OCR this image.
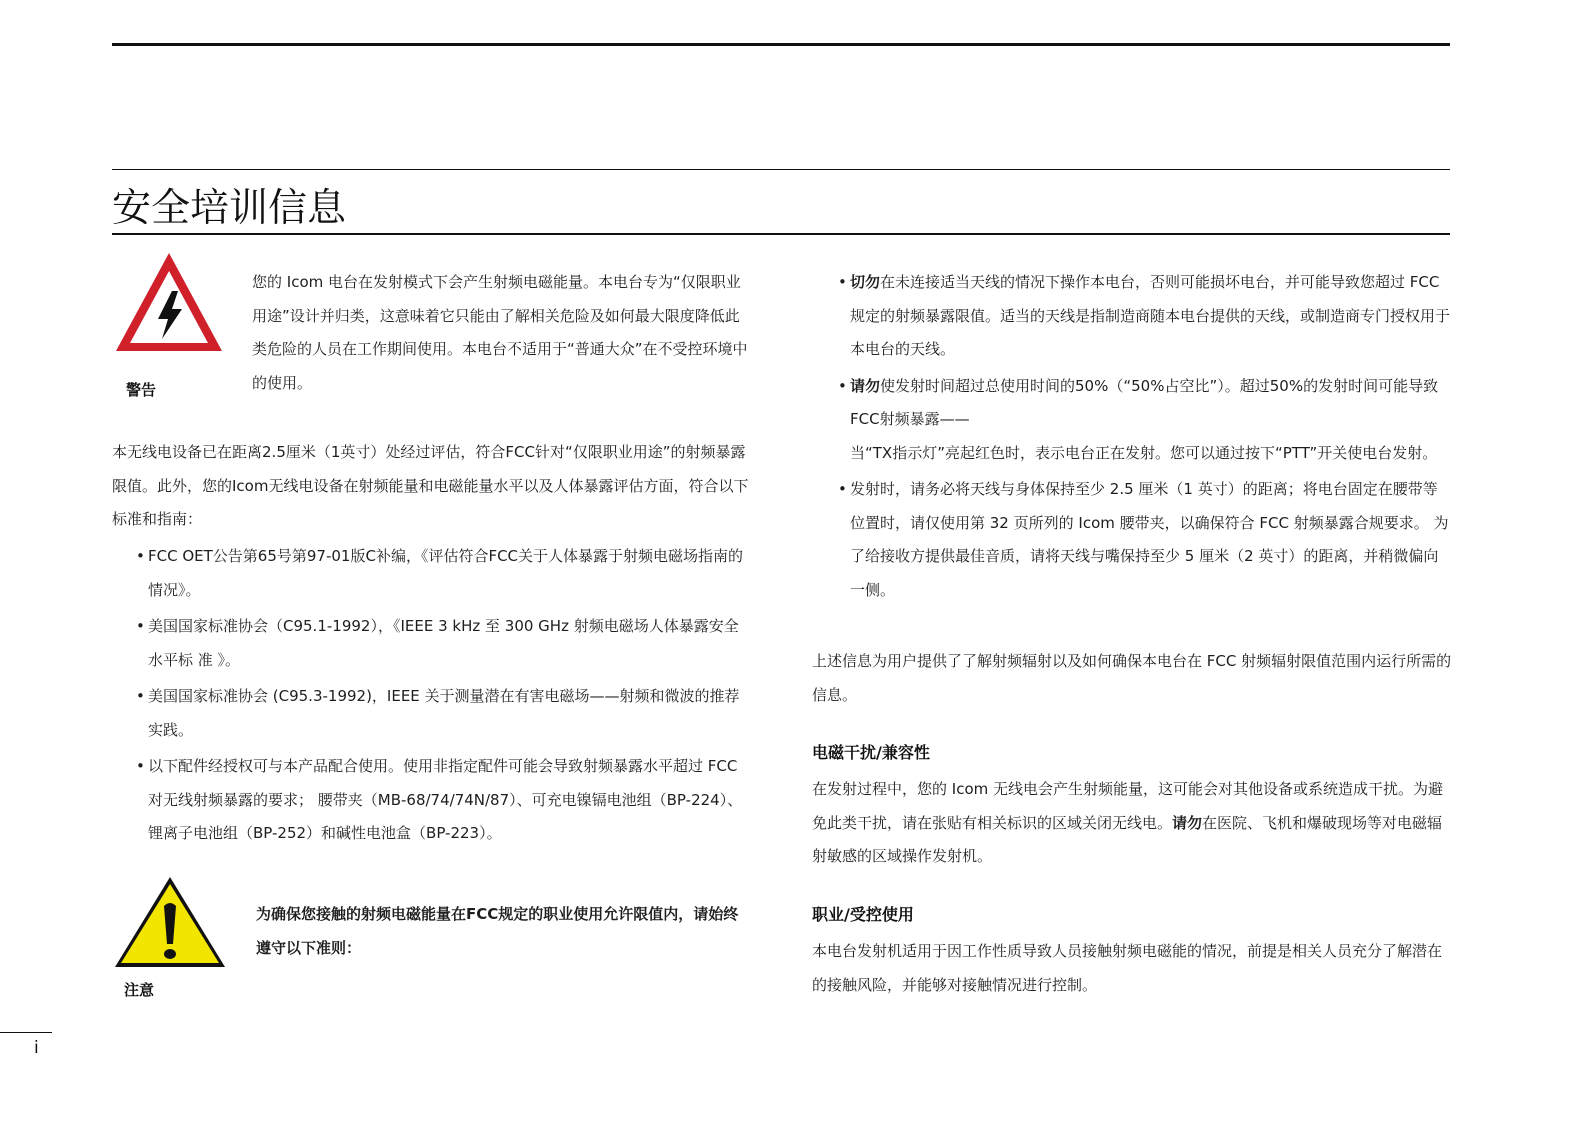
安全培训信息
警告

您的 Icom 电台在发射模式下会产生射频电磁能量。本电台专为“仅限职业用途”设计并归类，这意味着它只能由了解相关危险及如何最大限度降低此类危险的人员在工作期间使用。本电台不适用于“普通大众”在不受控环境中的使用。

本无线电设备已在距离2.5厘米（1英寸）处经过评估，符合FCC针对“仅限职业用途”的射频暴露限值。此外，您的Icom无线电设备在射频能量和电磁能量水平以及人体暴露评估方面，符合以下标准和指南：

• FCC OET公告第65号第97-01版C补编，《评估符合FCC关于人体暴露于射频电磁场指南的情况》。
• 美国国家标准协会（C95.1-1992），《IEEE 3 kHz 至 300 GHz 射频电磁场人体暴露安全水平标 准 》。
• 美国国家标准协会 (C95.3-1992)，IEEE 关于测量潜在有害电磁场——射频和微波的推荐实践。
• 以下配件经授权可与本产品配合使用。使用非指定配件可能会导致射频暴露水平超过 FCC 对无线射频暴露的要求； 腰带夹（MB-68/74/74N/87）、可充电镍镉电池组（BP-224）、锂离子电池组（BP-252）和碱性电池盒（BP-223）。
注意

为确保您接触的射频电磁能量在FCC规定的职业使用允许限值内，请始终遵守以下准则：

• 切勿在未连接适当天线的情况下操作本电台，否则可能损坏电台，并可能导致您超过 FCC 规定的射频暴露限值。适当的天线是指制造商随本电台提供的天线，或制造商专门授权用于本电台的天线。
• 请勿使发射时间超过总使用时间的50%（“50%占空比”）。超过50%的发射时间可能导致FCC射频暴露——
当“TX指示灯”亮起红色时，表示电台正在发射。您可以通过按下“PTT”开关使电台发射。
• 发射时，请务必将天线与身体保持至少 2.5 厘米（1 英寸）的距离；将电台固定在腰带等位置时，请仅使用第 32 页所列的 Icom 腰带夹，以确保符合 FCC 射频暴露合规要求。 为了给接收方提供最佳音质，请将天线与嘴保持至少 5 厘米（2 英寸）的距离，并稍微偏向一侧。

上述信息为用户提供了了解射频辐射以及如何确保本电台在 FCC 射频辐射限值范围内运行所需的信息。

电磁干扰/兼容性

在发射过程中，您的 Icom 无线电会产生射频能量，这可能会对其他设备或系统造成干扰。为避免此类干扰，请在张贴有相关标识的区域关闭无线电。请勿在医院、飞机和爆破现场等对电磁辐射敏感的区域操作发射机。

职业/受控使用

本电台发射机适用于因工作性质导致人员接触射频电磁能的情况，前提是相关人员充分了解潜在的接触风险，并能够对接触情况进行控制。

i
